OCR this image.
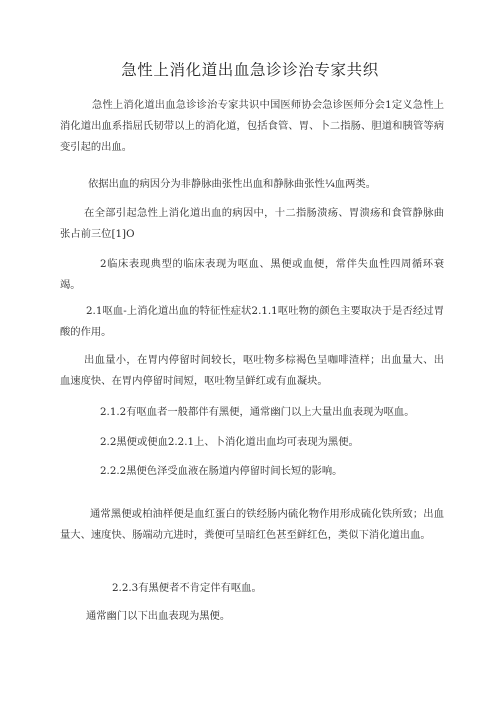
急性上消化道出血急诊诊治专家共织
急性上消化道出血急诊诊治专家共识中国医师协会急诊医师分会1定义急性上消化道出血系指屈氏韧带以上的消化道，包括食管、胃、卜二指肠、胆道和胰管等病变引起的出血。
依据出血的病因分为非静脉曲张性出血和静脉曲张性¼血两类。
在全部引起急性上消化道出血的病因中，十二指肠溃疡、胃溃疡和食管静脉曲张占前三位[1]O
2临床表现典型的临床表现为呕血、黑便或血便，常伴失血性四周循环衰竭。
2.1呕血-上消化道出血的特征性症状2.1.1呕吐物的颜色主要取决于是否经过胃酸的作用。
出血量小，在胃内停留时间较长，呕吐物多棕褐色呈咖啡渣样；出血量大、出血速度快、在胃内停留时间短，呕吐物呈鲜红或有血凝块。
2.1.2有呕血者一般都伴有黑便，通常幽门以上大量出血表现为呕血。
2.2黑便或便血2.2.1上、卜消化道出血均可表现为黑便。
2.2.2黑便色泽受血液在肠道内停留时间长短的影响。
通常黑便或柏油样便是血红蛋白的铁经肠内硫化物作用形成硫化铁所致；出血量大、速度快、肠端动亢进时，粪便可呈暗红色甚至鲜红色，类似下消化道出血。
2.2.3有黑便者不肯定伴有呕血。
通常幽门以下出血表现为黑便。
